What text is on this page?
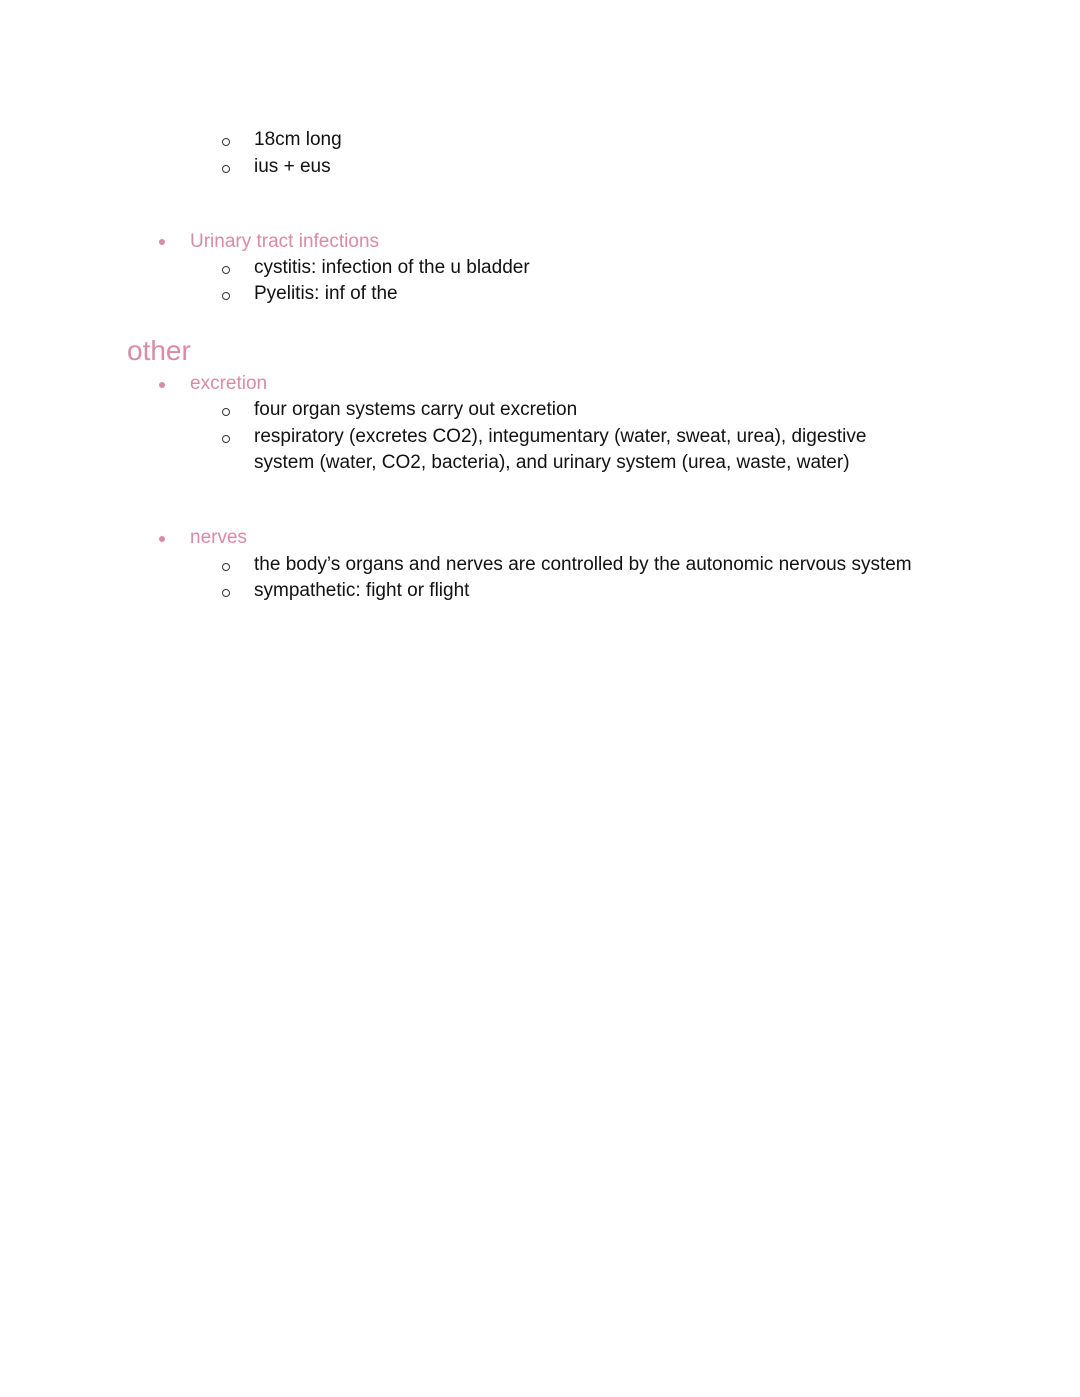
18cm long
ius + eus
Urinary tract infections
cystitis: infection of the u bladder
Pyelitis: inf of the
other
excretion
four organ systems carry out excretion
respiratory (excretes CO2), integumentary (water, sweat, urea), digestive
system (water, CO2, bacteria), and urinary system (urea, waste, water)
nerves
the body’s organs and nerves are controlled by the autonomic nervous system
sympathetic: fight or flight
